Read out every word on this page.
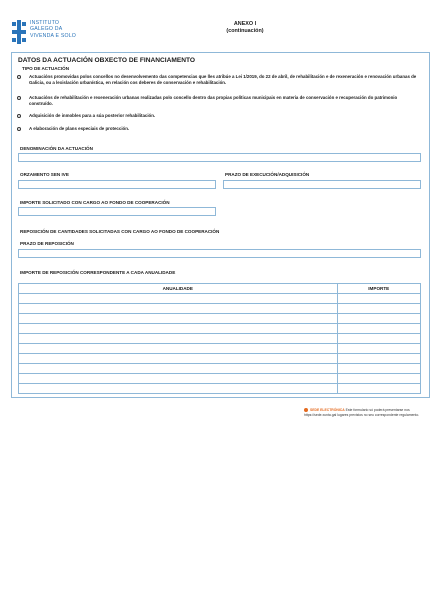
INSTITUTO
GALEGO DA
VIVENDA E SOLO
ANEXO I
(continuación)
DATOS DA ACTUACIÓN OBXECTO DE FINANCIAMENTO
TIPO DE ACTUACIÓN
Actuacións promovidas polos concellos no desenvolvemento das competencias que lles atribúe a Lei 1/2019, do 22 de abril, de rehabilitación e de rexeneración e renovación urbanas de Galicia, ou a lexislación urbanística, en relación cos deberes de conservación e rehabilitación.
Actuacións de rehabilitación e rexeneración urbanas realizadas polo concello dentro das propias políticas municipais en materia de conservación e recuperación do patrimonio construído.
Adquisición de inmobles para a súa posterior rehabilitación.
A elaboración de plans especiais de protección.
DENOMINACIÓN DA ACTUACIÓN
ORZAMENTO SEN IVE	PRAZO DE EXECUCIÓN/ADQUISICIÓN
IMPORTE SOLICITADO CON CARGO AO FONDO DE COOPERACIÓN
REPOSICIÓN DE CANTIDADES SOLICITADAS CON CARGO AO FONDO DE COOPERACIÓN
PRAZO DE REPOSICIÓN
IMPORTE DE REPOSICIÓN CORRESPONDENTE A CADA ANUALIDADE
ANUALIDADE	IMPORTE

SEDE ELECTRÓNICA Este formulario só poderá presentarse nos
https://sede.xunta.gal lugares previstos no seu correspondente regulamento.
